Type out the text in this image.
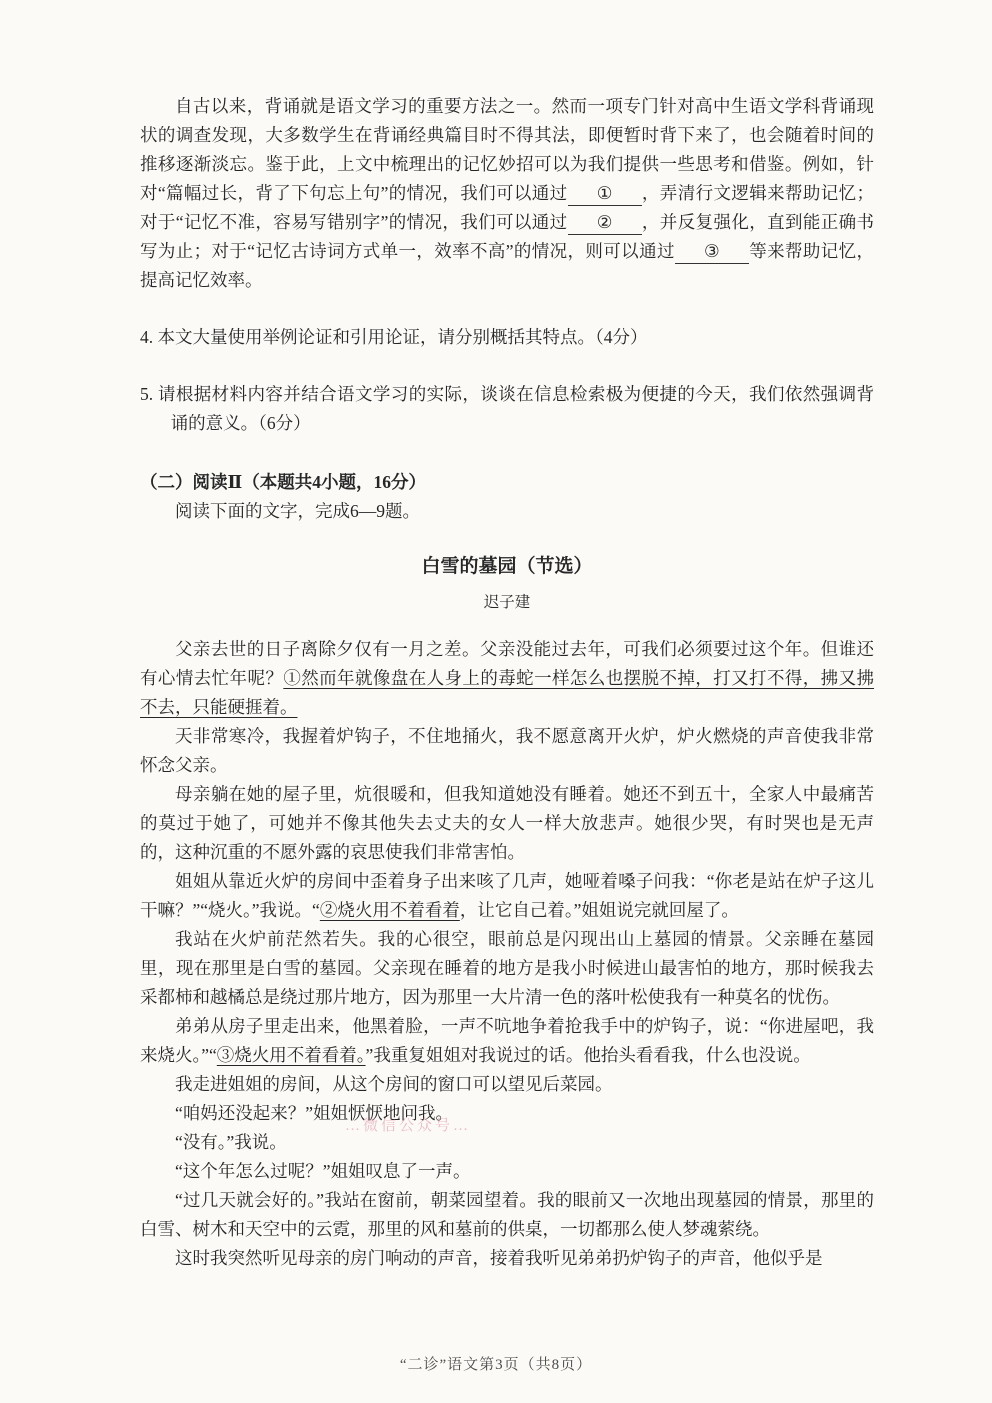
自古以来，背诵就是语文学习的重要方法之一。然而一项专门针对高中生语文学科背诵现状的调查发现，大多数学生在背诵经典篇目时不得其法，即便暂时背下来了，也会随着时间的推移逐渐淡忘。鉴于此，上文中梳理出的记忆妙招可以为我们提供一些思考和借鉴。例如，针对“篇幅过长，背了下句忘上句”的情况，我们可以通过 ① ，弄清行文逻辑来帮助记忆；对于“记忆不准，容易写错别字”的情况，我们可以通过 ② ，并反复强化，直到能正确书写为止；对于“记忆古诗词方式单一，效率不高”的情况，则可以通过 ③ 等来帮助记忆，提高记忆效率。

4. 本文大量使用举例论证和引用论证，请分别概括其特点。（4分）

5. 请根据材料内容并结合语文学习的实际，谈谈在信息检索极为便捷的今天，我们依然强调背诵的意义。（6分）

（二）阅读Ⅱ（本题共4小题，16分）

阅读下面的文字，完成6—9题。

白雪的墓园（节选）

迟子建

父亲去世的日子离除夕仅有一月之差。父亲没能过去年，可我们必须要过这个年。但谁还有心情去忙年呢？①然而年就像盘在人身上的毒蛇一样怎么也摆脱不掉，打又打不得，拂又拂不去，只能硬捱着。

天非常寒冷，我握着炉钩子，不住地捅火，我不愿意离开火炉，炉火燃烧的声音使我非常怀念父亲。

母亲躺在她的屋子里，炕很暖和，但我知道她没有睡着。她还不到五十，全家人中最痛苦的莫过于她了，可她并不像其他失去丈夫的女人一样大放悲声。她很少哭，有时哭也是无声的，这种沉重的不愿外露的哀思使我们非常害怕。

姐姐从靠近火炉的房间中歪着身子出来咳了几声，她哑着嗓子问我：“你老是站在炉子这儿干嘛？”“烧火。”我说。“②烧火用不着看着，让它自己着。”姐姐说完就回屋了。

我站在火炉前茫然若失。我的心很空，眼前总是闪现出山上墓园的情景。父亲睡在墓园里，现在那里是白雪的墓园。父亲现在睡着的地方是我小时候进山最害怕的地方，那时候我去采都柿和越橘总是绕过那片地方，因为那里一大片清一色的落叶松使我有一种莫名的忧伤。

弟弟从房子里走出来，他黑着脸，一声不吭地争着抢我手中的炉钩子，说：“你进屋吧，我来烧火。”“③烧火用不着看着。”我重复姐姐对我说过的话。他抬头看看我，什么也没说。

我走进姐姐的房间，从这个房间的窗口可以望见后菜园。

“咱妈还没起来？”姐姐恹恹地问我。

“没有。”我说。

“这个年怎么过呢？”姐姐叹息了一声。

“过几天就会好的。”我站在窗前，朝菜园望着。我的眼前又一次地出现墓园的情景，那里的白雪、树木和天空中的云霓，那里的风和墓前的供桌，一切都那么使人梦魂萦绕。

这时我突然听见母亲的房门响动的声音，接着我听见弟弟扔炉钩子的声音，他似乎是

…微信公众号…
“二诊”语文第3页（共8页）
